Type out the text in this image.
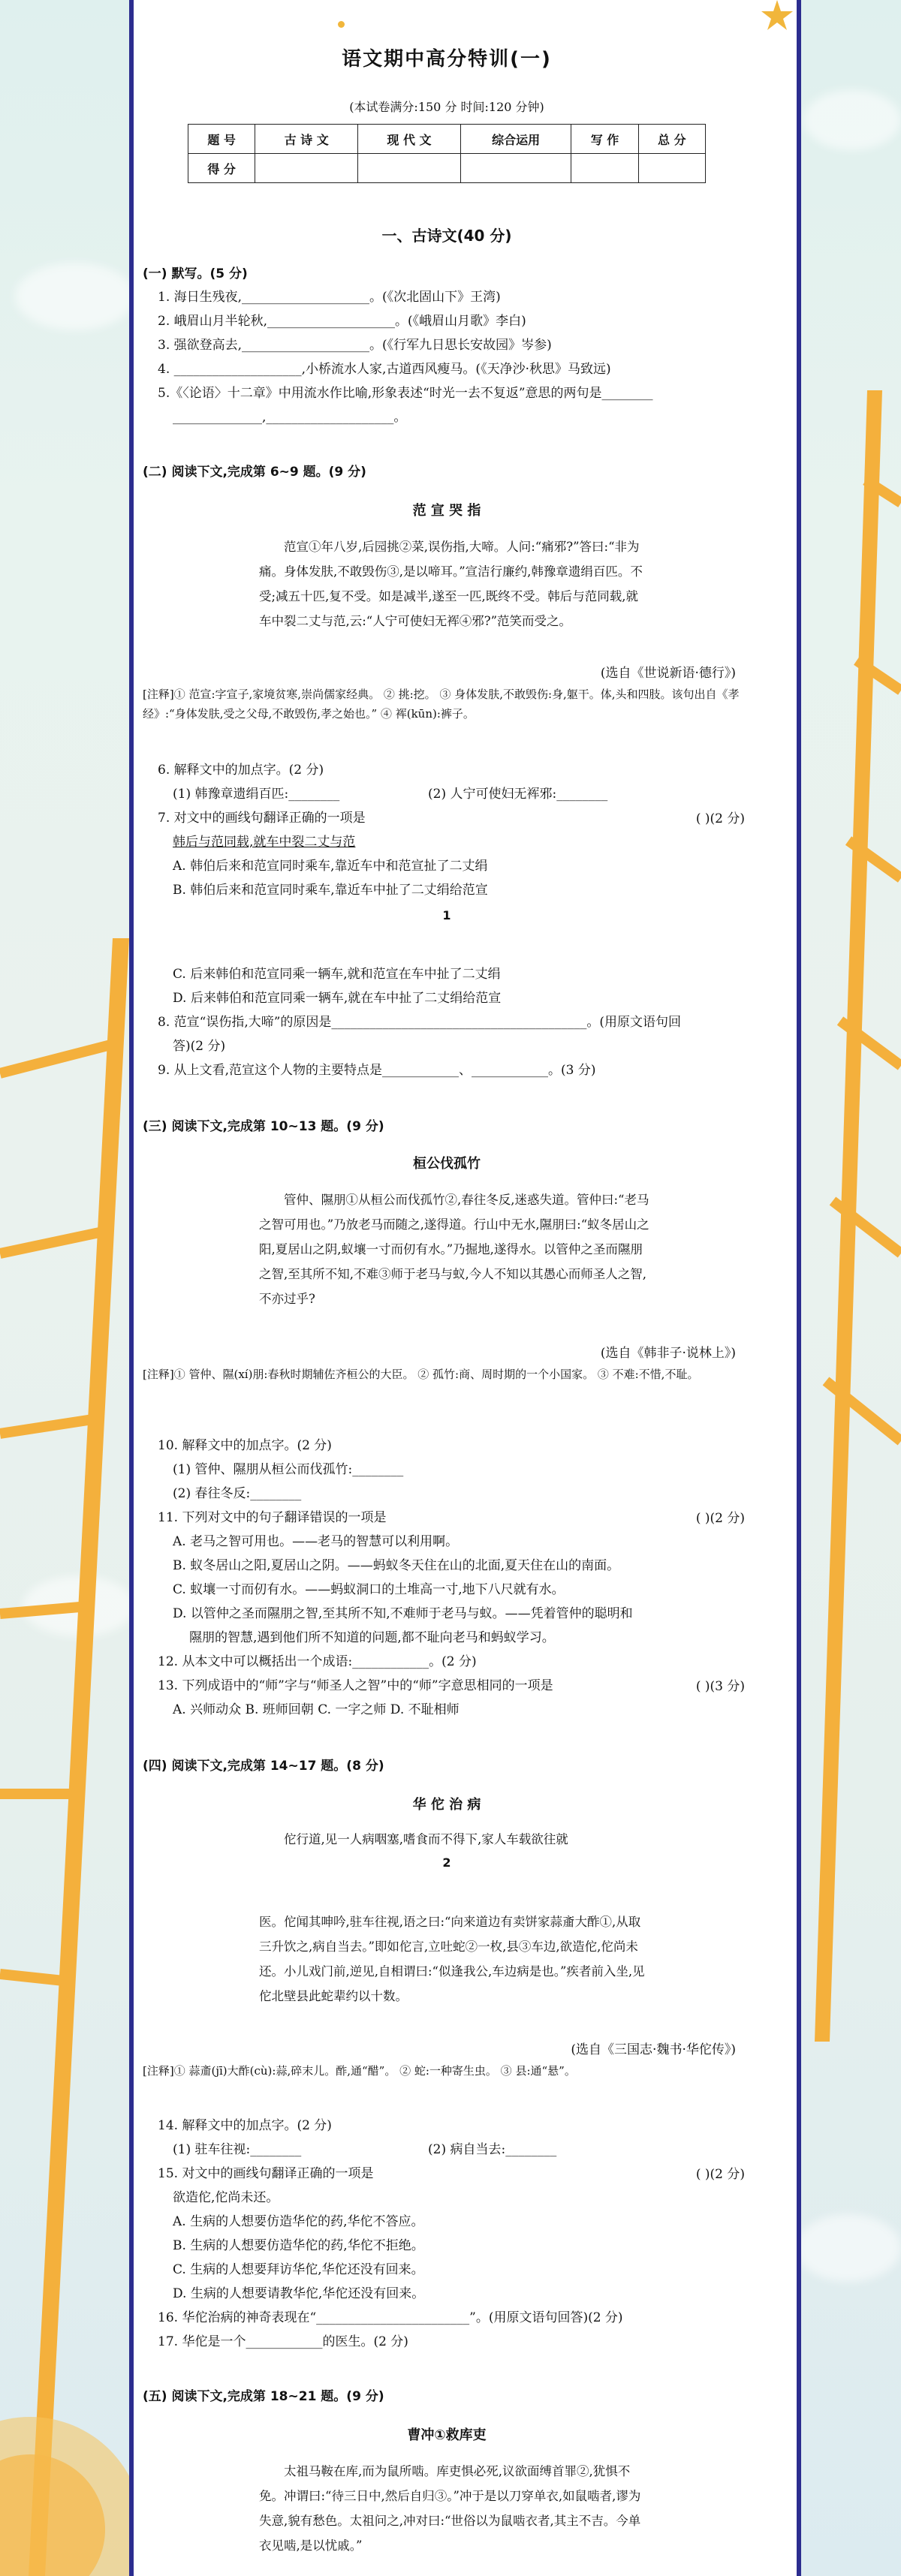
语文期中高分特训(一)
(本试卷满分:150 分 时间:120 分钟)
题 号	古 诗 文	现 代 文	综合运用	写 作	总 分
得 分					
一、古诗文(40 分)
(一) 默写。(5 分)
1. 海日生残夜,____________________。(《次北固山下》王湾)
2. 峨眉山月半轮秋,____________________。(《峨眉山月歌》李白)
3. 强欲登高去,____________________。(《行军九日思长安故园》岑参)
4. ____________________,小桥流水人家,古道西风瘦马。(《天净沙·秋思》马致远)
5.《〈论语〉十二章》中用流水作比喻,形象表述“时光一去不复返”意思的两句是________
______________,____________________。
(二) 阅读下文,完成第 6~9 题。(9 分)
范 宣 哭 指
范宣①年八岁,后园挑②菜,误伤指,大啼。人问:“痛邪?”答曰:“非为痛。身体发肤,不敢毁伤③,是以啼耳。”宣洁行廉约,韩豫章遗绢百匹。不受;减五十匹,复不受。如是减半,遂至一匹,既终不受。韩后与范同载,就车中裂二丈与范,云:“人宁可使妇无裈④邪?”范笑而受之。
(选自《世说新语·德行》)
[注释]① 范宣:字宣子,家境贫寒,崇尚儒家经典。 ② 挑:挖。 ③ 身体发肤,不敢毁伤:身,躯干。体,头和四肢。该句出自《孝经》:“身体发肤,受之父母,不敢毁伤,孝之始也。” ④ 裈(kūn):裤子。
6. 解释文中的加点字。(2 分)
(1) 韩豫章遗绢百匹:________	(2) 人宁可使妇无裈邪:________
7. 对文中的画线句翻译正确的一项是	( )(2 分)
韩后与范同载,就车中裂二丈与范
A. 韩伯后来和范宣同时乘车,靠近车中和范宣扯了二丈绢
B. 韩伯后来和范宣同时乘车,靠近车中扯了二丈绢给范宣
1
C. 后来韩伯和范宣同乘一辆车,就和范宣在车中扯了二丈绢
D. 后来韩伯和范宣同乘一辆车,就在车中扯了二丈绢给范宣
8. 范宣“误伤指,大啼”的原因是________________________________________。(用原文语句回
答)(2 分)
9. 从上文看,范宣这个人物的主要特点是____________、____________。(3 分)
(三) 阅读下文,完成第 10~13 题。(9 分)
桓公伐孤竹
管仲、隰朋①从桓公而伐孤竹②,春往冬反,迷惑失道。管仲曰:“老马之智可用也。”乃放老马而随之,遂得道。行山中无水,隰朋曰:“蚁冬居山之阳,夏居山之阴,蚁壤一寸而仞有水。”乃掘地,遂得水。以管仲之圣而隰朋之智,至其所不知,不难③师于老马与蚁,今人不知以其愚心而师圣人之智,不亦过乎?
(选自《韩非子·说林上》)
[注释]① 管仲、隰(xí)朋:春秋时期辅佐齐桓公的大臣。 ② 孤竹:商、周时期的一个小国家。 ③ 不难:不惜,不耻。
10. 解释文中的加点字。(2 分)
(1) 管仲、隰朋从桓公而伐孤竹:________
(2) 春往冬反:________
11. 下列对文中的句子翻译错误的一项是	( )(2 分)
A. 老马之智可用也。——老马的智慧可以利用啊。
B. 蚁冬居山之阳,夏居山之阴。——蚂蚁冬天住在山的北面,夏天住在山的南面。
C. 蚁壤一寸而仞有水。——蚂蚁洞口的土堆高一寸,地下八尺就有水。
D. 以管仲之圣而隰朋之智,至其所不知,不难师于老马与蚁。——凭着管仲的聪明和
隰朋的智慧,遇到他们所不知道的问题,都不耻向老马和蚂蚁学习。
12. 从本文中可以概括出一个成语:____________。(2 分)
13. 下列成语中的“师”字与“师圣人之智”中的“师”字意思相同的一项是	( )(3 分)
A. 兴师动众 B. 班师回朝 C. 一字之师 D. 不耻相师
(四) 阅读下文,完成第 14~17 题。(8 分)
华 佗 治 病
佗行道,见一人病咽塞,嗜食而不得下,家人车载欲往就
2
医。佗闻其呻吟,驻车往视,语之曰:“向来道边有卖饼家蒜齑大酢①,从取三升饮之,病自当去。”即如佗言,立吐蛇②一枚,县③车边,欲造佗,佗尚未还。小儿戏门前,逆见,自相谓曰:“似逢我公,车边病是也。”疾者前入坐,见佗北壁县此蛇辈约以十数。
(选自《三国志·魏书·华佗传》)
[注释]① 蒜齑(jī)大酢(cù):蒜,碎末儿。酢,通“醋”。 ② 蛇:一种寄生虫。 ③ 县:通“悬”。
14. 解释文中的加点字。(2 分)
(1) 驻车往视:________	(2) 病自当去:________
15. 对文中的画线句翻译正确的一项是	( )(2 分)
欲造佗,佗尚未还。
A. 生病的人想要仿造华佗的药,华佗不答应。
B. 生病的人想要仿造华佗的药,华佗不拒绝。
C. 生病的人想要拜访华佗,华佗还没有回来。
D. 生病的人想要请教华佗,华佗还没有回来。
16. 华佗治病的神奇表现在“________________________”。(用原文语句回答)(2 分)
17. 华佗是一个____________的医生。(2 分)
(五) 阅读下文,完成第 18~21 题。(9 分)
曹冲①救库吏
太祖马鞍在库,而为鼠所啮。库吏惧必死,议欲面缚首罪②,犹惧不免。冲谓曰:“待三日中,然后自归③。”冲于是以刀穿单衣,如鼠啮者,谬为失意,貌有愁色。太祖问之,冲对曰:“世俗以为鼠啮衣者,其主不吉。今单衣见啮,是以忧戚。”
